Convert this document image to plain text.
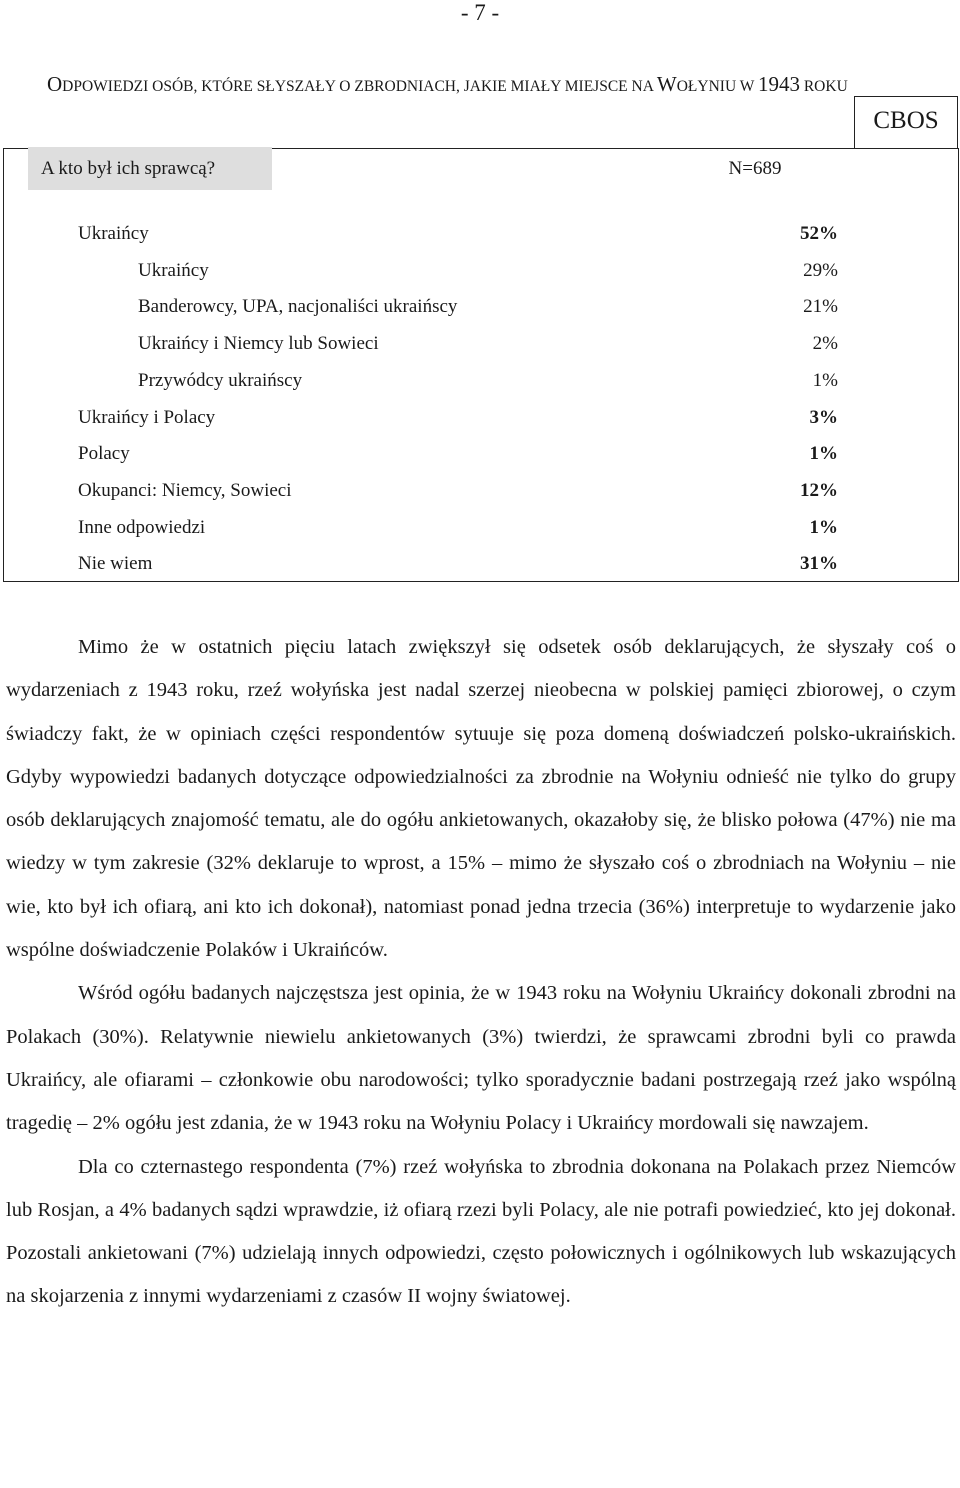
- 7 -
ODPOWIEDZI OSÓB, KTÓRE SŁYSZAŁY O ZBRODNIACH, JAKIE MIAŁY MIEJSCE NA WOŁYNIU W 1943 ROKU
CBOS
A kto był ich sprawcą?	N=689
Ukraińcy	52%
Ukraińcy	29%
Banderowcy, UPA, nacjonaliści ukraińscy	21%
Ukraińcy i Niemcy lub Sowieci	2%
Przywódcy ukraińscy	1%
Ukraińcy i Polacy	3%
Polacy	1%
Okupanci: Niemcy, Sowieci	12%
Inne odpowiedzi	1%
Nie wiem	31%

Mimo że w ostatnich pięciu latach zwiększył się odsetek osób deklarujących, że słyszały coś o wydarzeniach z 1943 roku, rzeź wołyńska jest nadal szerzej nieobecna w polskiej pamięci zbiorowej, o czym świadczy fakt, że w opiniach części respondentów sytuuje się poza domeną doświadczeń polsko-ukraińskich. Gdyby wypowiedzi badanych dotyczące odpowiedzialności za zbrodnie na Wołyniu odnieść nie tylko do grupy osób deklarujących znajomość tematu, ale do ogółu ankietowanych, okazałoby się, że blisko połowa (47%) nie ma wiedzy w tym zakresie (32% deklaruje to wprost, a 15% – mimo że słyszało coś o zbrodniach na Wołyniu – nie wie, kto był ich ofiarą, ani kto ich dokonał), natomiast ponad jedna trzecia (36%) interpretuje to wydarzenie jako wspólne doświadczenie Polaków i Ukraińców.

Wśród ogółu badanych najczęstsza jest opinia, że w 1943 roku na Wołyniu Ukraińcy dokonali zbrodni na Polakach (30%). Relatywnie niewielu ankietowanych (3%) twierdzi, że sprawcami zbrodni byli co prawda Ukraińcy, ale ofiarami – członkowie obu narodowości; tylko sporadycznie badani postrzegają rzeź jako wspólną tragedię – 2% ogółu jest zdania, że w 1943 roku na Wołyniu Polacy i Ukraińcy mordowali się nawzajem.

Dla co czternastego respondenta (7%) rzeź wołyńska to zbrodnia dokonana na Polakach przez Niemców lub Rosjan, a 4% badanych sądzi wprawdzie, iż ofiarą rzezi byli Polacy, ale nie potrafi powiedzieć, kto jej dokonał. Pozostali ankietowani (7%) udzielają innych odpowiedzi, często połowicznych i ogólnikowych lub wskazujących na skojarzenia z innymi wydarzeniami z czasów II wojny światowej.
